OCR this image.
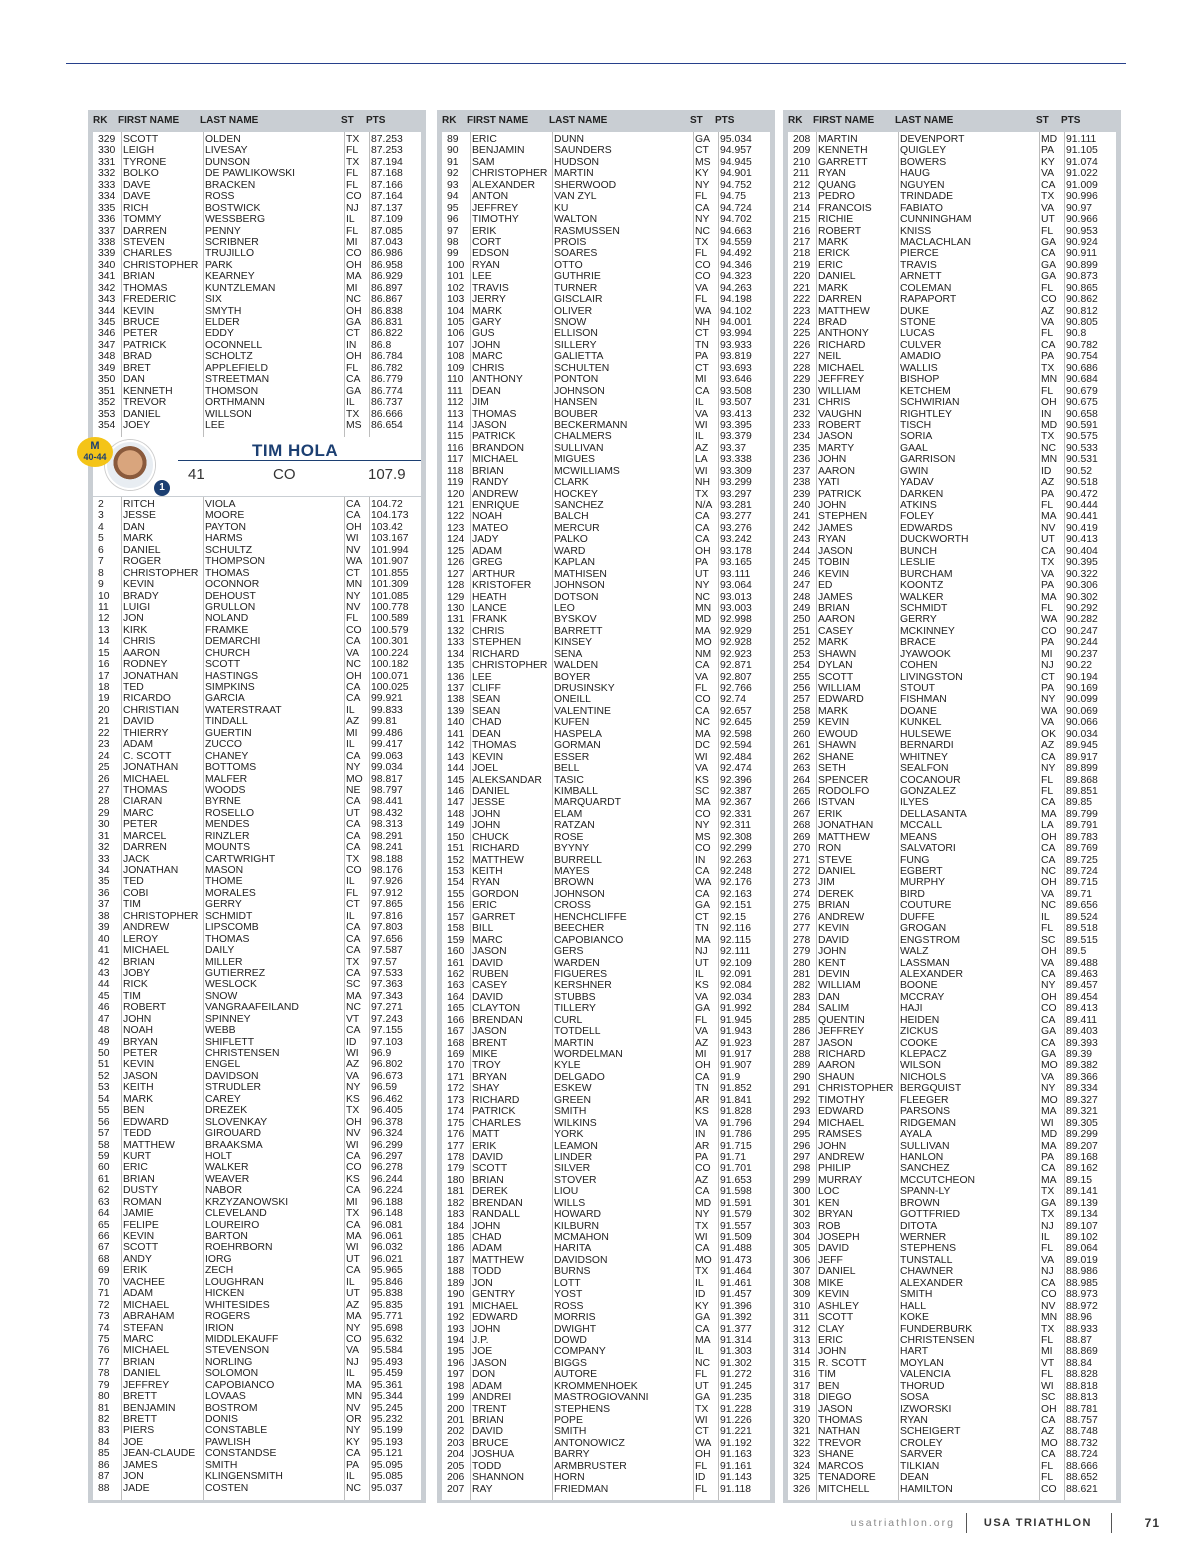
RK FIRST NAME LAST NAME	ST PTS
329 SCOTT	OLDEN	TX 87.253
330 LEIGH	LIVESAY	FL 87.253
331 TYRONE	DUNSON	TX 87.194
332 BOLKO	DE PAWLIKOWSKI	FL 87.168
333 DAVE	BRACKEN	FL 87.166
334 DAVE	ROSS	CO 87.164
335 RICH	BOSTWICK	NJ 87.137
336 TOMMY	WESSBERG	IL 87.109
337 DARREN	PENNY	FL 87.085
338 STEVEN	SCRIBNER	MI 87.043
339 CHARLES	TRUJILLO	CO 86.986
340 CHRISTOPHER PARK	OH 86.958
341 BRIAN	KEARNEY	MA 86.929
342 THOMAS	KUNTZLEMAN	MI 86.897
343 FREDERIC	SIX	NC 86.867
344 KEVIN	SMYTH	OH 86.838
345 BRUCE	ELDER	GA 86.831
346 PETER	EDDY	CT 86.822
347 PATRICK	OCONNELL	IN 86.8
348 BRAD	SCHOLTZ	OH 86.784
349 BRET	APPLEFIELD	FL 86.782
350 DAN	STREETMAN	CA 86.779
351 KENNETH	THOMSON	GA 86.774
352 TREVOR	ORTHMANN	IL 86.737
353 DANIEL	WILLSON	TX 86.666
354 JOEY	LEE	MS 86.654
2 RITCH	VIOLA	CA 104.72
3 JESSE	MOORE	CA 104.173
4 DAN	PAYTON	OH 103.42
5 MARK	HARMS	WI 103.167
6 DANIEL	SCHULTZ	NV 101.994
7 ROGER	THOMPSON	WA 101.907
8 CHRISTOPHER THOMAS	CT 101.855
9 KEVIN	OCONNOR	MN 101.309
10 BRADY	DEHOUST	NY 101.085
11 LUIGI	GRULLON	NV 100.778
12 JON	NOLAND	FL 100.589
13 KIRK	FRAMKE	CO 100.579
14 CHRIS	DEMARCHI	CA 100.301
15 AARON	CHURCH	VA 100.224
16 RODNEY	SCOTT	NC 100.182
17 JONATHAN	HASTINGS	OH 100.071
18 TED	SIMPKINS	CA 100.025
19 RICARDO	GARCIA	CA 99.921
20 CHRISTIAN	WATERSTRAAT	IL 99.833
21 DAVID	TINDALL	AZ 99.81
22 THIERRY	GUERTIN	MI 99.486
23 ADAM	ZUCCO	IL 99.417
24 C. SCOTT	CHANEY	CA 99.063
25 JONATHAN	BOTTOMS	NY 99.034
26 MICHAEL	MALFER	MO 98.817
27 THOMAS	WOODS	NE 98.797
28 CIARAN	BYRNE	CA 98.441
29 MARC	ROSELLO	UT 98.432
30 PETER	MENDES	CA 98.313
31 MARCEL	RINZLER	CA 98.291
32 DARREN	MOUNTS	CA 98.241
33 JACK	CARTWRIGHT	TX 98.188
34 JONATHAN	MASON	CO 98.176
35 TED	THOME	IL 97.926
36 COBI	MORALES	FL 97.912
37 TIM	GERRY	CT 97.865
38 CHRISTOPHER SCHMIDT	IL 97.816
39 ANDREW	LIPSCOMB	CA 97.803
40 LEROY	THOMAS	CA 97.656
41 MICHAEL	DAILY	CA 97.587
42 BRIAN	MILLER	TX 97.57
43 JOBY	GUTIERREZ	CA 97.533
44 RICK	WESLOCK	SC 97.363
45 TIM	SNOW	MA 97.343
46 ROBERT	VANGRAAFEILAND	NC 97.271
47 JOHN	SPINNEY	VT 97.243
48 NOAH	WEBB	CA 97.155
49 BRYAN	SHIFLETT	ID 97.103
50 PETER	CHRISTENSEN	WI 96.9
51 KEVIN	ENGEL	AZ 96.802
52 JASON	DAVIDSON	VA 96.673
53 KEITH	STRUDLER	NY 96.59
54 MARK	CAREY	KS 96.462
55 BEN	DREZEK	TX 96.405
56 EDWARD	SLOVENKAY	OH 96.378
57 TEDD	GIROUARD	NV 96.324
58 MATTHEW	BRAAKSMA	WI 96.299
59 KURT	HOLT	CA 96.297
60 ERIC	WALKER	CO 96.278
61 BRIAN	WEAVER	KS 96.244
62 DUSTY	NABOR	CA 96.224
63 ROMAN	KRZYZANOWSKI	MI 96.188
64 JAMIE	CLEVELAND	TX 96.148
65 FELIPE	LOUREIRO	CA 96.081
66 KEVIN	BARTON	MA 96.061
67 SCOTT	ROEHRBORN	WI 96.032
68 ANDY	IORG	UT 96.021
69 ERIK	ZECH	CA 95.965
70 VACHEE	LOUGHRAN	IL 95.846
71 ADAM	HICKEN	UT 95.838
72 MICHAEL	WHITESIDES	AZ 95.835
73 ABRAHAM	ROGERS	MA 95.771
74 STEFAN	IRION	NY 95.698
75 MARC	MIDDLEKAUFF	CO 95.632
76 MICHAEL	STEVENSON	VA 95.584
77 BRIAN	NORLING	NJ 95.493
78 DANIEL	SOLOMON	IL 95.459
79 JEFFREY	CAPOBIANCO	MA 95.361
80 BRETT	LOVAAS	MN 95.344
81 BENJAMIN	BOSTROM	NV 95.245
82 BRETT	DONIS	OR 95.232
83 PIERS	CONSTABLE	NY 95.199
84 JOE	PAWLISH	KY 95.193
85 JEAN-CLAUDE CONSTANDSE	CA 95.121
86 JAMES	SMITH	PA 95.095
87 JON	KLINGENSMITH	IL 95.085
88 JADE	COSTEN	NC 95.037
RK FIRST NAME LAST NAME	ST PTS
89 ERIC	DUNN	GA 95.034
90 BENJAMIN	SAUNDERS	CT 94.957
91 SAM	HUDSON	MS 94.945
92 CHRISTOPHER MARTIN	KY 94.901
93 ALEXANDER SHERWOOD	NY 94.752
94 ANTON	VAN ZYL	FL 94.75
95 JEFFREY	KU	CA 94.724
96 TIMOTHY	WALTON	NY 94.702
97 ERIK	RASMUSSEN	NC 94.663
98 CORT	PROIS	TX 94.559
99 EDSON	SOARES	FL 94.492
100 RYAN	OTTO	CO 94.346
101 LEE	GUTHRIE	CO 94.323
102 TRAVIS	TURNER	VA 94.263
103 JERRY	GISCLAIR	FL 94.198
104 MARK	OLIVER	WA 94.102
105 GARY	SNOW	NH 94.001
106 GUS	ELLISON	CT 93.994
107 JOHN	SILLERY	TN 93.933
108 MARC	GALIETTA	PA 93.819
109 CHRIS	SCHULTEN	CT 93.693
110 ANTHONY	PONTON	MI 93.646
111 DEAN	JOHNSON	CA 93.508
112 JIM	HANSEN	IL 93.507
113 THOMAS	BOUBER	VA 93.413
114 JASON	BECKERMANN	WI 93.395
115 PATRICK	CHALMERS	IL 93.379
116 BRANDON	SULLIVAN	AZ 93.37
117 MICHAEL	MIGUES	LA 93.338
118 BRIAN	MCWILLIAMS	WI 93.309
119 RANDY	CLARK	NH 93.299
120 ANDREW	HOCKEY	TX 93.297
121 ENRIQUE	SANCHEZ	N/A 93.281
122 NOAH	BALCH	CA 93.277
123 MATEO	MERCUR	CA 93.276
124 JADY	PALKO	CA 93.242
125 ADAM	WARD	OH 93.178
126 GREG	KAPLAN	PA 93.165
127 ARTHUR	MATHISEN	UT 93.111
128 KRISTOFER JOHNSON	NY 93.064
129 HEATH	DOTSON	NC 93.013
130 LANCE	LEO	MN 93.003
131 FRANK	BYSKOV	MD 92.998
132 CHRIS	BARRETT	MA 92.929
133 STEPHEN	KINSEY	MO 92.928
134 RICHARD	SENA	NM 92.923
135 CHRISTOPHER WALDEN	CA 92.871
136 LEE	BOYER	VA 92.807
137 CLIFF	DRUSINSKY	FL 92.766
138 SEAN	ONEILL	CO 92.74
139 SEAN	VALENTINE	CA 92.657
140 CHAD	KUFEN	NC 92.645
141 DEAN	HASPELA	MA 92.598
142 THOMAS	GORMAN	DC 92.594
143 KEVIN	ESSER	WI 92.484
144 JOEL	BELL	VA 92.474
145 ALEKSANDAR TASIC	KS 92.396
146 DANIEL	KIMBALL	SC 92.387
147 JESSE	MARQUARDT	MA 92.367
148 JOHN	ELAM	CO 92.331
149 JOHN	RATZAN	NY 92.311
150 CHUCK	ROSE	MS 92.308
151 RICHARD	BYYNY	CO 92.299
152 MATTHEW	BURRELL	IN 92.263
153 KEITH	MAYES	CA 92.248
154 RYAN	BROWN	WA 92.176
155 GORDON	JOHNSON	CA 92.163
156 ERIC	CROSS	GA 92.151
157 GARRET	HENCHCLIFFE	CT 92.15
158 BILL	BEECHER	TN 92.116
159 MARC	CAPOBIANCO	MA 92.115
160 JASON	GERS	NJ 92.111
161 DAVID	WARDEN	UT 92.109
162 RUBEN	FIGUERES	IL 92.091
163 CASEY	KERSHNER	KS 92.084
164 DAVID	STUBBS	VA 92.034
165 CLAYTON	TILLERY	GA 91.992
166 BRENDAN	CURL	FL 91.945
167 JASON	TOTDELL	VA 91.943
168 BRENT	MARTIN	AZ 91.923
169 MIKE	WORDELMAN	MI 91.917
170 TROY	KYLE	OH 91.907
171 BRYAN	DELGADO	CA 91.9
172 SHAY	ESKEW	TN 91.852
173 RICHARD	GREEN	AR 91.841
174 PATRICK	SMITH	KS 91.828
175 CHARLES	WILKINS	VA 91.796
176 MATT	YORK	IN 91.786
177 ERIK	LEAMON	AR 91.715
178 DAVID	LINDER	PA 91.71
179 SCOTT	SILVER	CO 91.701
180 BRIAN	STOVER	AZ 91.653
181 DEREK	LIOU	CA 91.598
182 BRENDAN	WILLS	MD 91.591
183 RANDALL	HOWARD	NY 91.579
184 JOHN	KILBURN	TX 91.557
185 CHAD	MCMAHON	WI 91.509
186 ADAM	HARITA	CA 91.488
187 MATTHEW	DAVIDSON	MO 91.473
188 TODD	BURNS	TX 91.464
189 JON	LOTT	IL 91.461
190 GENTRY	YOST	ID 91.457
191 MICHAEL	ROSS	KY 91.396
192 EDWARD	MORRIS	GA 91.392
193 JOHN	DWIGHT	CA 91.377
194 J.P.	DOWD	MA 91.314
195 JOE	COMPANY	IL 91.303
196 JASON	BIGGS	NC 91.302
197 DON	AUTORE	FL 91.272
198 ADAM	KROMMENHOEK	UT 91.245
199 ANDREI	MASTROGIOVANNI	GA 91.235
200 TRENT	STEPHENS	TX 91.228
201 BRIAN	POPE	WI 91.226
202 DAVID	SMITH	CT 91.221
203 BRUCE	ANTONOWICZ	WA 91.192
204 JOSHUA	BARRY	OH 91.163
205 TODD	ARMBRUSTER	FL 91.161
206 SHANNON	HORN	ID 91.143
207 RAY	FRIEDMAN	FL 91.118
RK FIRST NAME LAST NAME	ST PTS
208 MARTIN	DEVENPORT	MD 91.111
209 KENNETH	QUIGLEY	PA 91.105
210 GARRETT	BOWERS	KY 91.074
211 RYAN	HAUG	VA 91.022
212 QUANG	NGUYEN	CA 91.009
213 PEDRO	TRINDADE	TX 90.996
214 FRANCOIS	FABIATO	VA 90.97
215 RICHIE	CUNNINGHAM	UT 90.966
216 ROBERT	KNISS	FL 90.953
217 MARK	MACLACHLAN	GA 90.924
218 ERICK	PIERCE	CA 90.911
219 ERIC	TRAVIS	GA 90.899
220 DANIEL	ARNETT	GA 90.873
221 MARK	COLEMAN	FL 90.865
222 DARREN	RAPAPORT	CO 90.862
223 MATTHEW	DUKE	AZ 90.812
224 BRAD	STONE	VA 90.805
225 ANTHONY	LUCAS	FL 90.8
226 RICHARD	CULVER	CA 90.782
227 NEIL	AMADIO	PA 90.754
228 MICHAEL	WALLIS	TX 90.686
229 JEFFREY	BISHOP	MN 90.684
230 WILLIAM	KETCHEM	FL 90.679
231 CHRIS	SCHWIRIAN	OH 90.675
232 VAUGHN	RIGHTLEY	IN 90.658
233 ROBERT	TISCH	MD 90.591
234 JASON	SORIA	TX 90.575
235 MARTY	GAAL	NC 90.533
236 JOHN	GARRISON	MN 90.531
237 AARON	GWIN	ID 90.52
238 YATI	YADAV	AZ 90.518
239 PATRICK	DARKEN	PA 90.472
240 JOHN	ATKINS	FL 90.444
241 STEPHEN	FOLEY	MA 90.441
242 JAMES	EDWARDS	NV 90.419
243 RYAN	DUCKWORTH	UT 90.413
244 JASON	BUNCH	CA 90.404
245 TOBIN	LESLIE	TX 90.395
246 KEVIN	BURCHAM	VA 90.322
247 ED	KOONTZ	PA 90.306
248 JAMES	WALKER	MA 90.302
249 BRIAN	SCHMIDT	FL 90.292
250 AARON	GERRY	WA 90.282
251 CASEY	MCKINNEY	CO 90.247
252 MARK	BRACE	PA 90.244
253 SHAWN	JYAWOOK	MI 90.237
254 DYLAN	COHEN	NJ 90.22
255 SCOTT	LIVINGSTON	CT 90.194
256 WILLIAM	STOUT	PA 90.169
257 EDWARD	FISHMAN	NY 90.099
258 MARK	DOANE	WA 90.069
259 KEVIN	KUNKEL	VA 90.066
260 EWOUD	HULSEWE	OK 90.034
261 SHAWN	BERNARDI	AZ 89.945
262 SHANE	WHITNEY	CA 89.917
263 SETH	SEALFON	NY 89.899
264 SPENCER	COCANOUR	FL 89.868
265 RODOLFO	GONZALEZ	FL 89.851
266 ISTVAN	ILYES	CA 89.85
267 ERIK	DELLASANTA	MA 89.799
268 JONATHAN	MCCALL	LA 89.791
269 MATTHEW	MEANS	OH 89.783
270 RON	SALVATORI	CA 89.769
271 STEVE	FUNG	CA 89.725
272 DANIEL	EGBERT	NC 89.724
273 JIM	MURPHY	OH 89.715
274 DEREK	BIRD	VA 89.71
275 BRIAN	COUTURE	NC 89.656
276 ANDREW	DUFFE	IL 89.524
277 KEVIN	GROGAN	FL 89.518
278 DAVID	ENGSTROM	SC 89.515
279 JOHN	WALZ	OH 89.5
280 KENT	LASSMAN	VA 89.488
281 DEVIN	ALEXANDER	CA 89.463
282 WILLIAM	BOONE	NY 89.457
283 DAN	MCCRAY	OH 89.454
284 SALIM	HAJI	CO 89.413
285 QUENTIN	HEIDEN	CA 89.411
286 JEFFREY	ZICKUS	GA 89.403
287 JASON	COOKE	CA 89.393
288 RICHARD	KLEPACZ	GA 89.39
289 AARON	WILSON	MO 89.382
290 SHAUN	NICHOLS	VA 89.366
291 CHRISTOPHER BERGQUIST	NY 89.334
292 TIMOTHY	FLEEGER	MO 89.327
293 EDWARD	PARSONS	MA 89.321
294 MICHAEL	RIDGEMAN	WI 89.305
295 RAMSES	AYALA	MD 89.299
296 JOHN	SULLIVAN	MA 89.207
297 ANDREW	HANLON	PA 89.168
298 PHILIP	SANCHEZ	CA 89.162
299 MURRAY	MCCUTCHEON	MA 89.15
300 LOC	SPANN-LY	TX 89.141
301 KEN	BROWN	GA 89.139
302 BRYAN	GOTTFRIED	TX 89.134
303 ROB	DITOTA	NJ 89.107
304 JOSEPH	WERNER	IL 89.102
305 DAVID	STEPHENS	FL 89.064
306 JEFF	TUNSTALL	VA 89.019
307 DANIEL	CHAWNER	NJ 88.986
308 MIKE	ALEXANDER	CA 88.985
309 KEVIN	SMITH	CO 88.973
310 ASHLEY	HALL	NV 88.972
311 SCOTT	KOKE	MN 88.96
312 CLAY	FUNDERBURK	TX 88.933
313 ERIC	CHRISTENSEN	FL 88.87
314 JOHN	HART	MI 88.869
315 R. SCOTT	MOYLAN	VT 88.84
316 TIM	VALENCIA	FL 88.828
317 BEN	THORUD	WI 88.818
318 DIEGO	SOSA	SC 88.813
319 JASON	IZWORSKI	OH 88.781
320 THOMAS	RYAN	CA 88.757
321 NATHAN	SCHEIGERT	AZ 88.748
322 TREVOR	CROLEY	MO 88.732
323 SHANE	SARVER	CA 88.724
324 MARCOS	TILKIAN	FL 88.666
325 TENADORE DEAN	FL 88.652
326 MITCHELL	HAMILTON	CO 88.621
TIM HOLA
41	CO	107.9
M
40-44
1
usatriathlon.org	USA TRIATHLON	71
